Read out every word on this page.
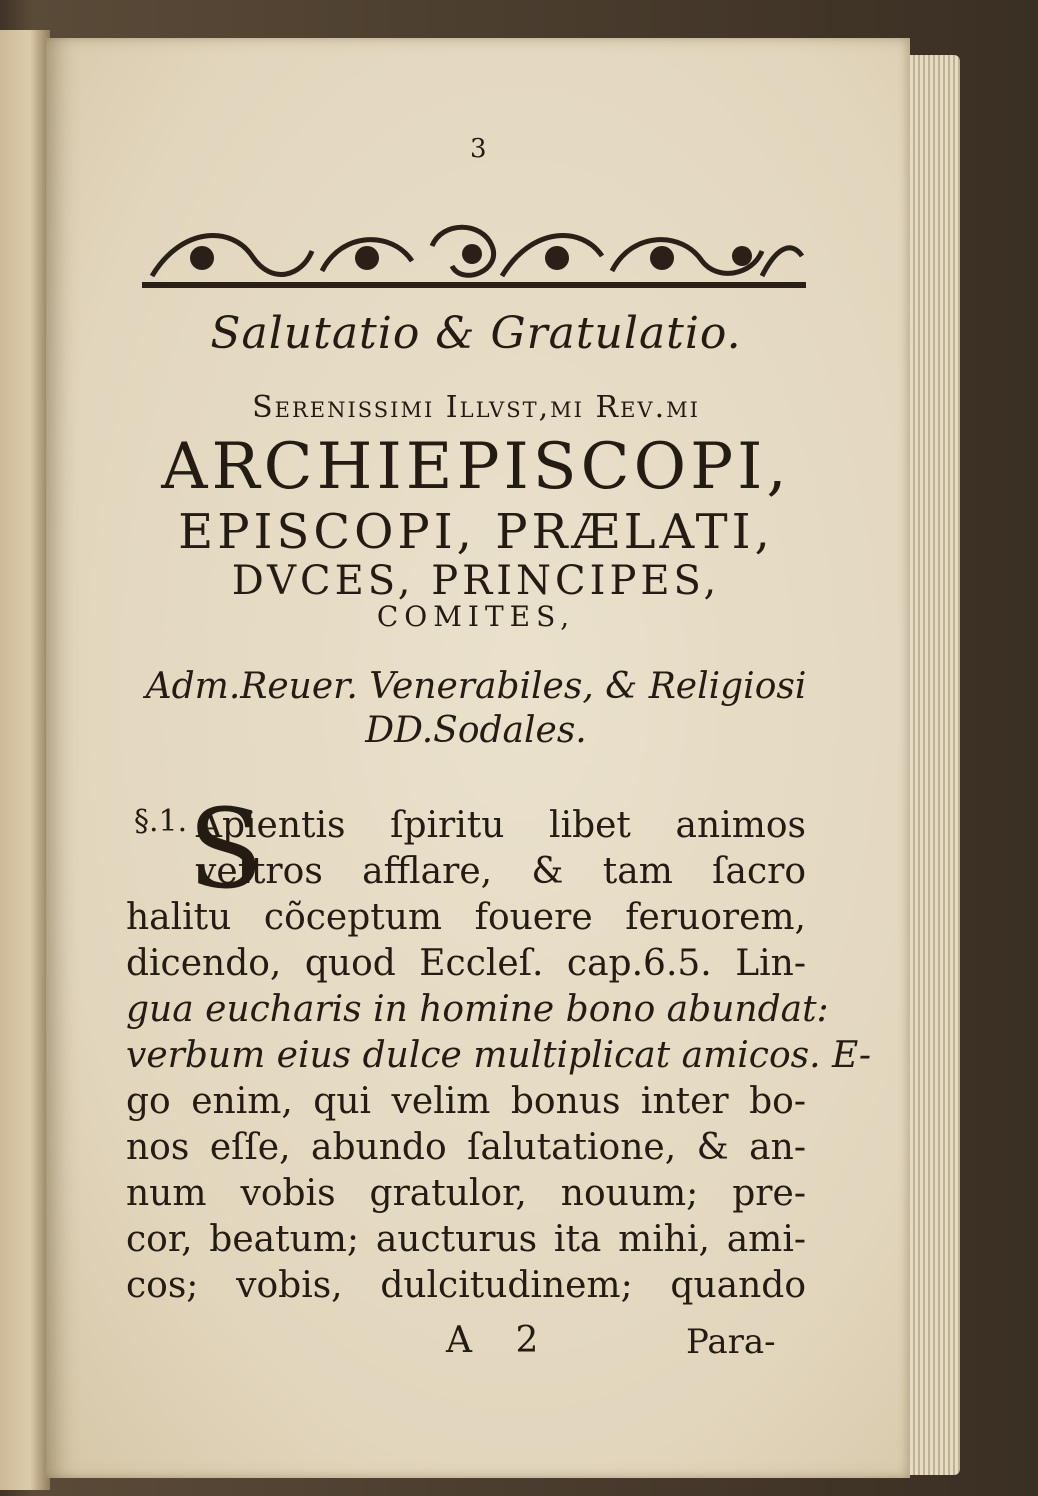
3
Salutatio & Gratulatio.
Serenissimi Illvst,mi Rev.mi
ARCHIEPISCOPI,
EPISCOPI, PRÆLATI,
DVCES, PRINCIPES,
COMITES,
Adm.Reuer. Venerabiles, & Religiosi
DD.Sodales.
§.1. S
Apientis ſpiritu libet animos
veſtros afflare, & tam ſacro
halitu cõceptum fouere feruorem,
dicendo, quod Eccleſ. cap.6.5. Lin-
gua eucharis in homine bono abundat:
verbum eius dulce multiplicat amicos. E-
go enim, qui velim bonus inter bo-
nos eſſe, abundo ſalutatione, & an-
num vobis gratulor, nouum; pre-
cor, beatum; aucturus ita mihi, ami-
cos; vobis, dulcitudinem; quando
A 2	Para-
